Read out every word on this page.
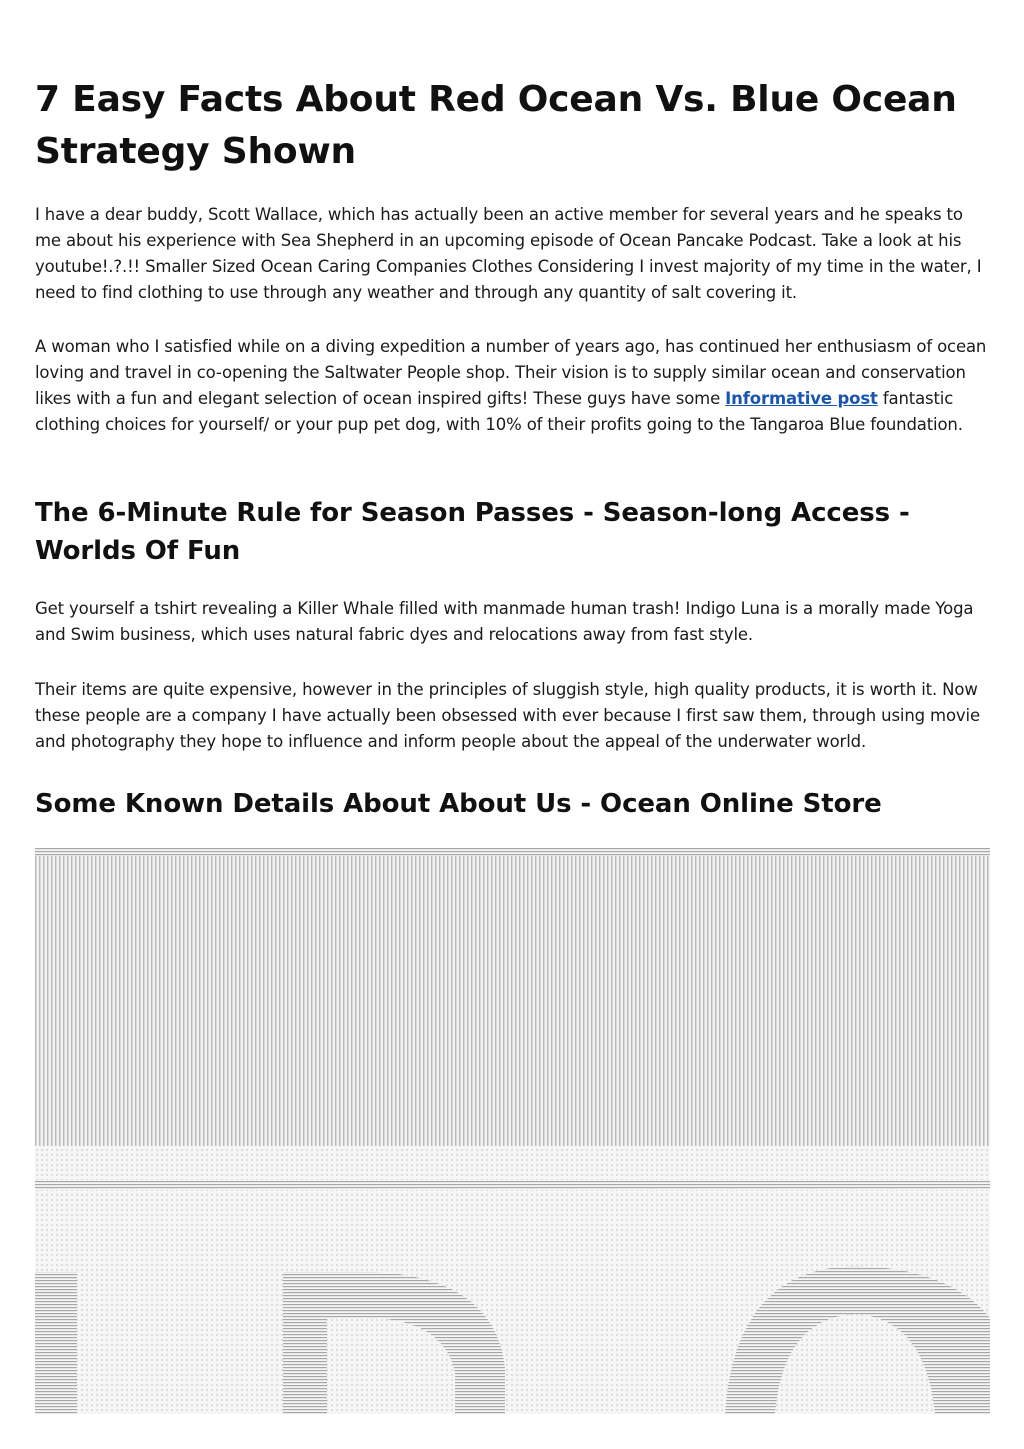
7 Easy Facts About Red Ocean Vs. Blue Ocean Strategy Shown

I have a dear buddy, Scott Wallace, which has actually been an active member for several years and he speaks to me about his experience with Sea Shepherd in an upcoming episode of Ocean Pancake Podcast. Take a look at his youtube!.?.!! Smaller Sized Ocean Caring Companies Clothes Considering I invest majority of my time in the water, I need to find clothing to use through any weather and through any quantity of salt covering it.

A woman who I satisfied while on a diving expedition a number of years ago, has continued her enthusiasm of ocean loving and travel in co-opening the Saltwater People shop. Their vision is to supply similar ocean and conservation likes with a fun and elegant selection of ocean inspired gifts! These guys have some Informative post fantastic clothing choices for yourself/ or your pup pet dog, with 10% of their profits going to the Tangaroa Blue foundation.

The 6-Minute Rule for Season Passes - Season-long Access - Worlds Of Fun

Get yourself a tshirt revealing a Killer Whale filled with manmade human trash! Indigo Luna is a morally made Yoga and Swim business, which uses natural fabric dyes and relocations away from fast style.

Their items are quite expensive, however in the principles of sluggish style, high quality products, it is worth it. Now these people are a company I have actually been obsessed with ever because I first saw them, through using movie and photography they hope to influence and inform people about the appeal of the underwater world.

Some Known Details About About Us - Ocean Online Store
